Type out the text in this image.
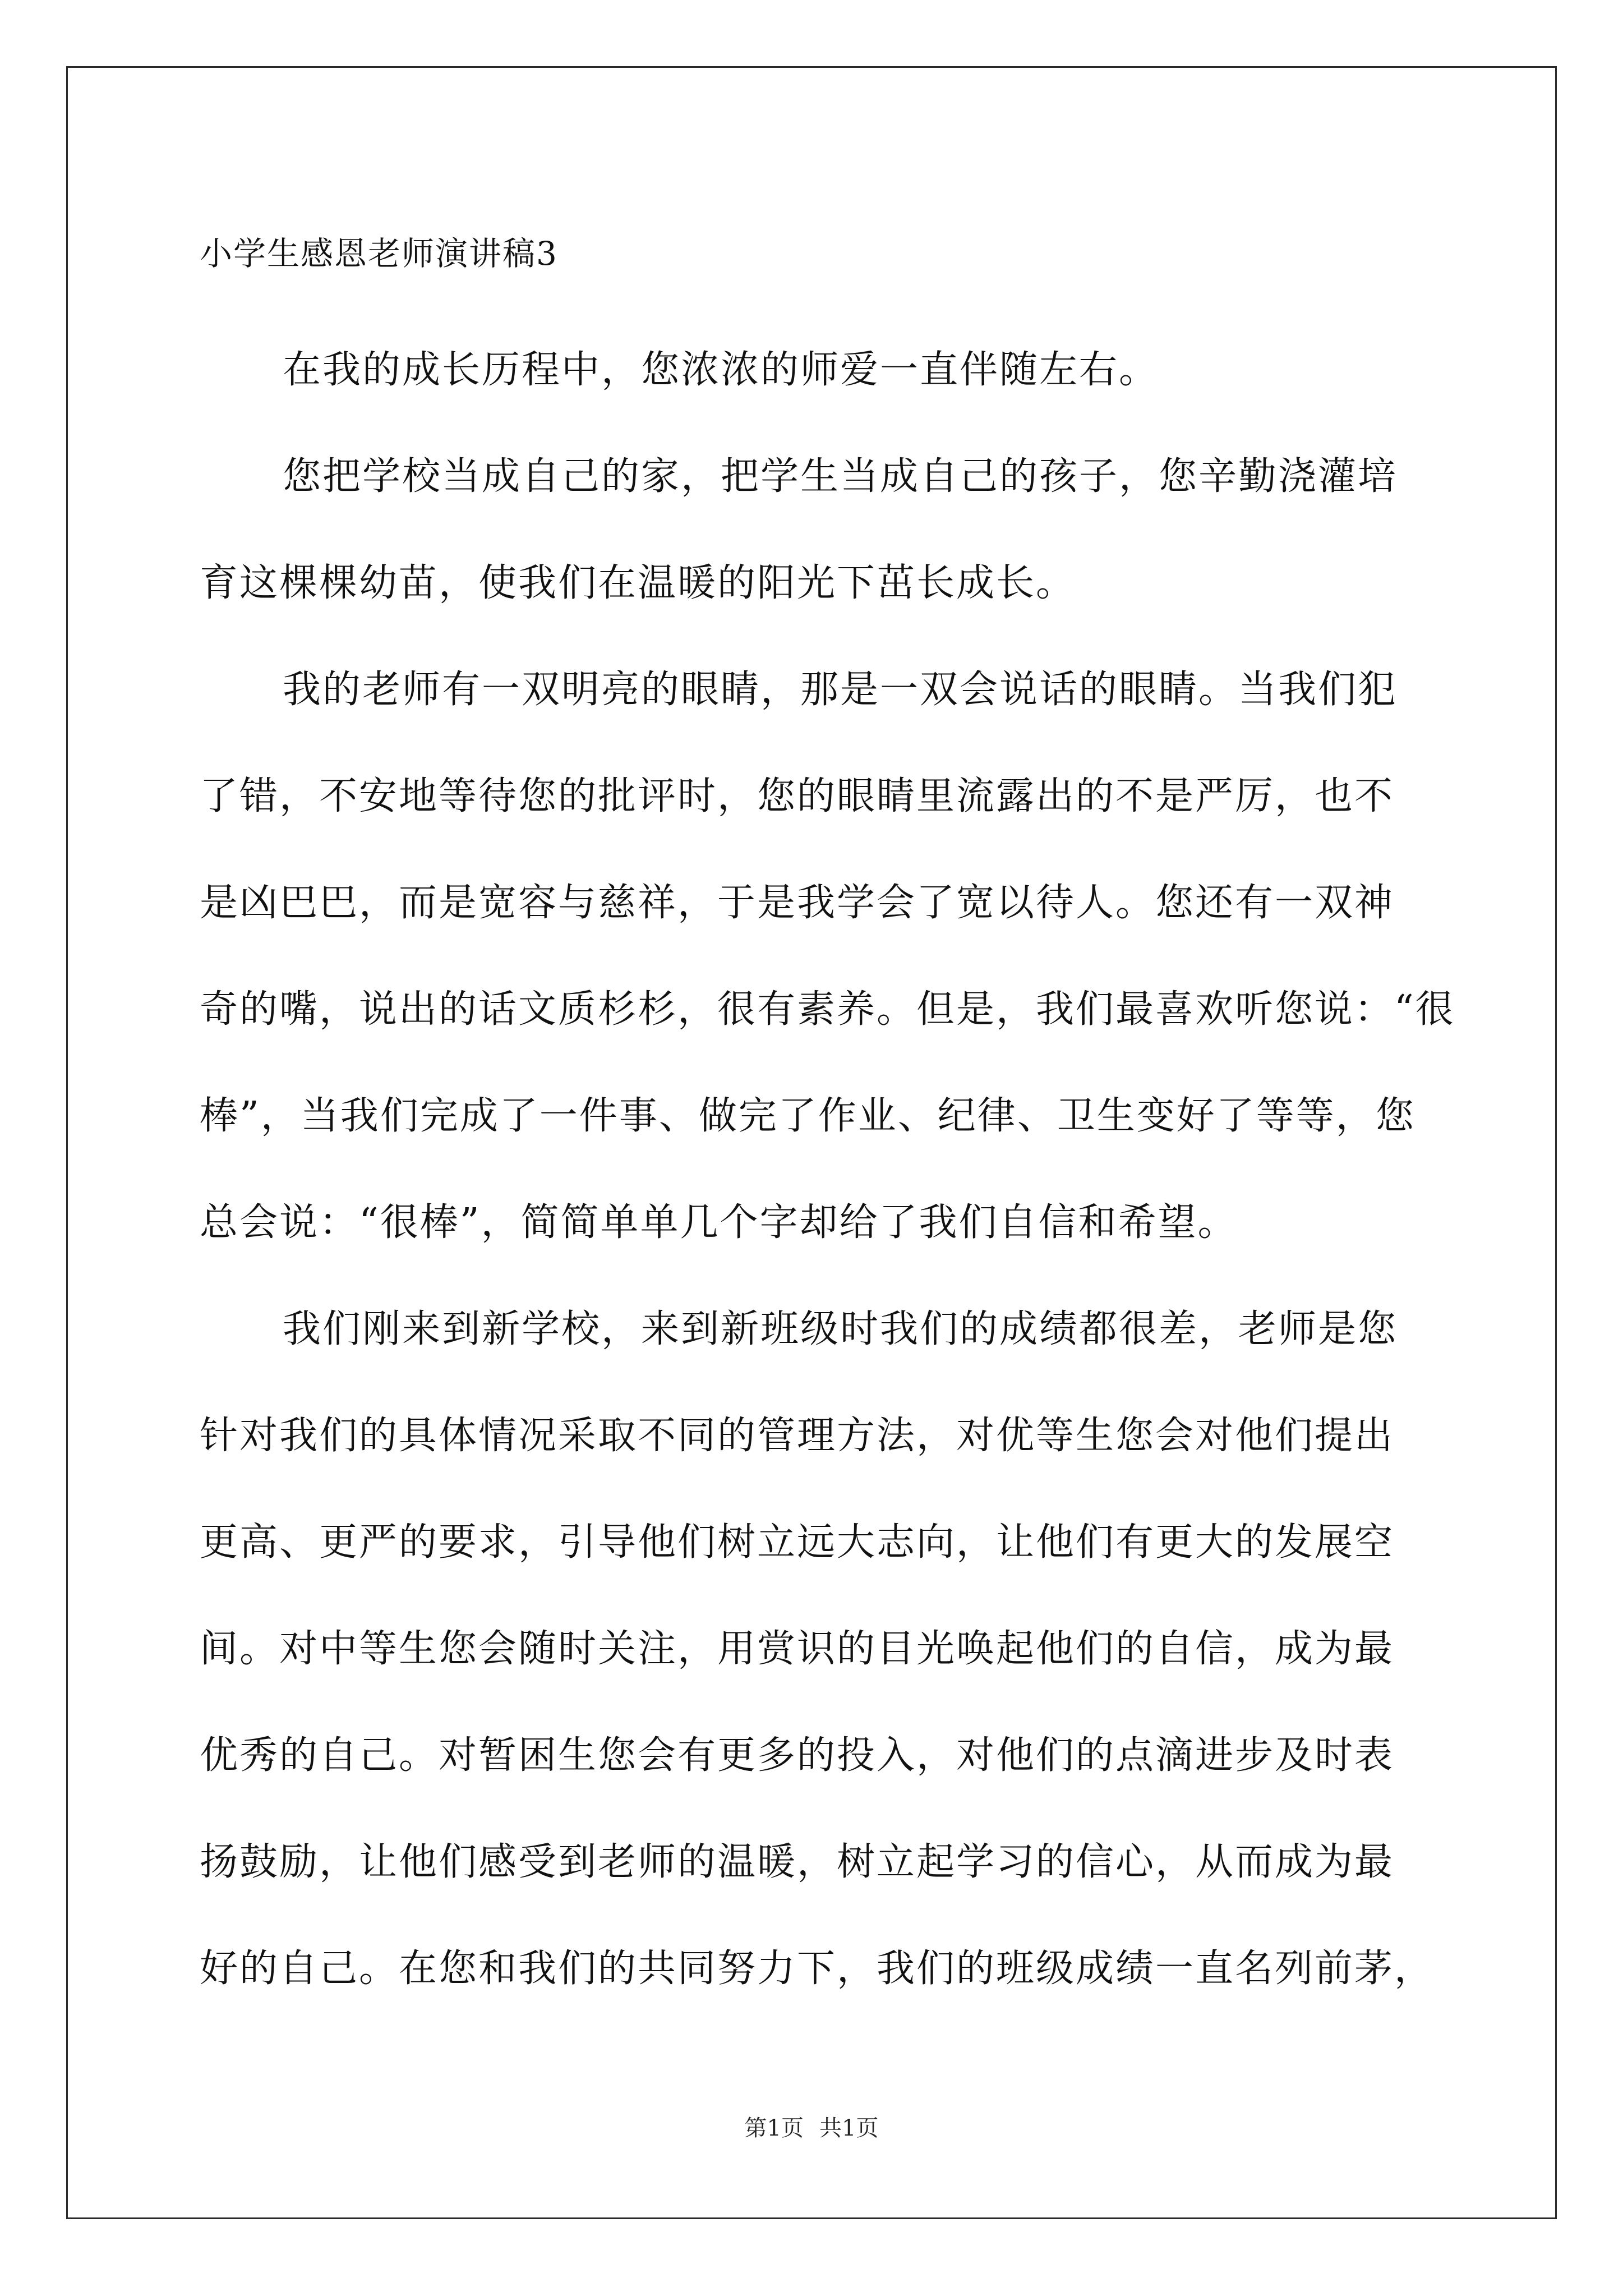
小学生感恩老师演讲稿3
在我的成长历程中，您浓浓的师爱一直伴随左右。
您把学校当成自己的家，把学生当成自己的孩子，您辛勤浇灌培
育这棵棵幼苗，使我们在温暖的阳光下茁长成长。
我的老师有一双明亮的眼睛，那是一双会说话的眼睛。当我们犯
了错，不安地等待您的批评时，您的眼睛里流露出的不是严厉，也不
是凶巴巴，而是宽容与慈祥，于是我学会了宽以待人。您还有一双神
奇的嘴，说出的话文质杉杉，很有素养。但是，我们最喜欢听您说：“很
棒”，当我们完成了一件事、做完了作业、纪律、卫生变好了等等，您
总会说：“很棒”，简简单单几个字却给了我们自信和希望。
我们刚来到新学校，来到新班级时我们的成绩都很差，老师是您
针对我们的具体情况采取不同的管理方法，对优等生您会对他们提出
更高、更严的要求，引导他们树立远大志向，让他们有更大的发展空
间。对中等生您会随时关注，用赏识的目光唤起他们的自信，成为最
优秀的自己。对暂困生您会有更多的投入，对他们的点滴进步及时表
扬鼓励，让他们感受到老师的温暖，树立起学习的信心，从而成为最
好的自己。在您和我们的共同努力下，我们的班级成绩一直名列前茅，
第1页 共1页
